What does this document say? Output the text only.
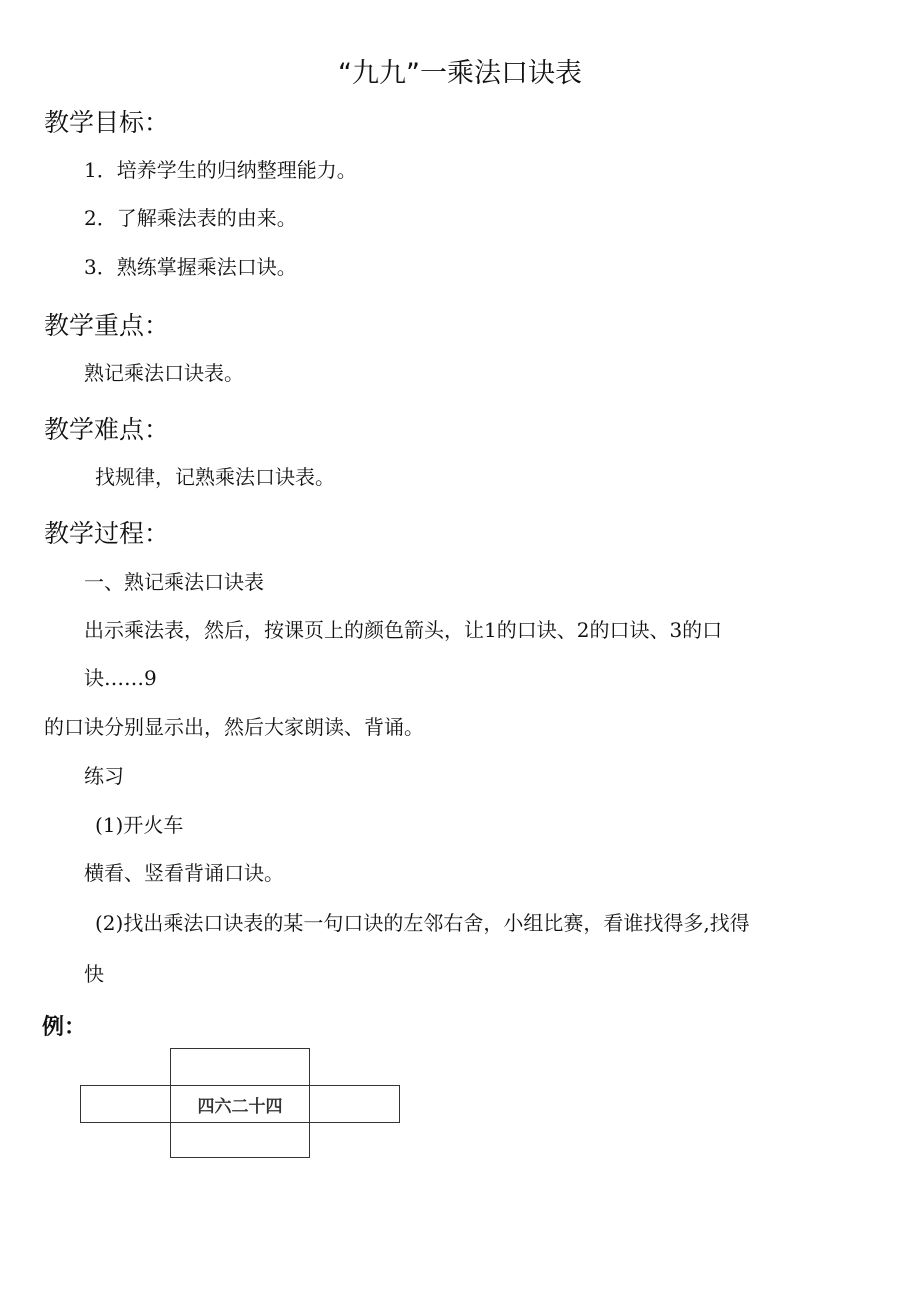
“九九”一乘法口诀表
教学目标：
1．培养学生的归纳整理能力。
2．了解乘法表的由来。
3．熟练掌握乘法口诀。
教学重点：
熟记乘法口诀表。
教学难点：
找规律，记熟乘法口诀表。
教学过程：
一、熟记乘法口诀表
出示乘法表，然后，按课页上的颜色箭头，让1的口诀、2的口诀、3的口
诀……9
的口诀分别显示出，然后大家朗读、背诵。
练习
(1)开火车
横看、竖看背诵口诀。
(2)找出乘法口诀表的某一句口诀的左邻右舍，小组比赛，看谁找得多,找得
快
例：
四六二十四
